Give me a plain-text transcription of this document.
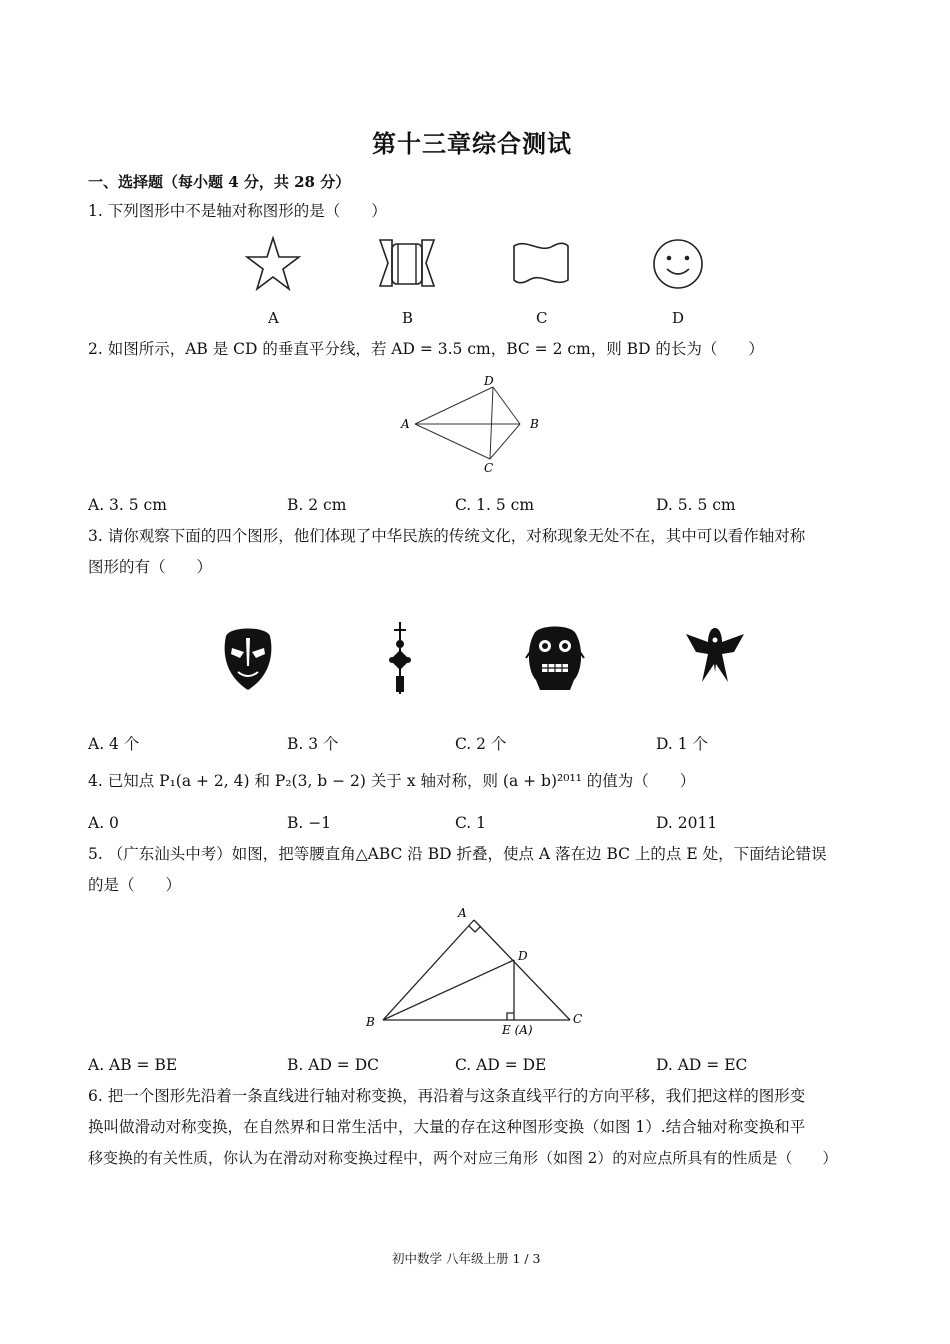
第十三章综合测试
一、选择题（每小题 4 分，共 28 分）
1. 下列图形中不是轴对称图形的是（　　）
A	B	C	D
2. 如图所示，AB 是 CD 的垂直平分线，若 AD = 3.5 cm，BC = 2 cm，则 BD 的长为（　　）
A	B
C
D
A. 3. 5 cm	B. 2 cm	C. 1. 5 cm	D. 5. 5 cm
3. 请你观察下面的四个图形，他们体现了中华民族的传统文化，对称现象无处不在，其中可以看作轴对称
图形的有（　　）
A. 4 个	B. 3 个	C. 2 个	D. 1 个
4. 已知点 P₁(a + 2, 4) 和 P₂(3, b − 2) 关于 x 轴对称，则 (a + b)²⁰¹¹ 的值为（　　）
A. 0	B. −1	C. 1	D. 2011
5. （广东汕头中考）如图，把等腰直角△ABC 沿 BD 折叠，使点 A 落在边 BC 上的点 E 处，下面结论错误
的是（　　）
A
B	C
D
E (A)
A. AB = BE	B. AD = DC	C. AD = DE	D. AD = EC
6. 把一个图形先沿着一条直线进行轴对称变换，再沿着与这条直线平行的方向平移，我们把这样的图形变
换叫做滑动对称变换，在自然界和日常生活中，大量的存在这种图形变换（如图 1）.结合轴对称变换和平
移变换的有关性质，你认为在滑动对称变换过程中，两个对应三角形（如图 2）的对应点所具有的性质是（　　）
初中数学 八年级上册 1 / 3
